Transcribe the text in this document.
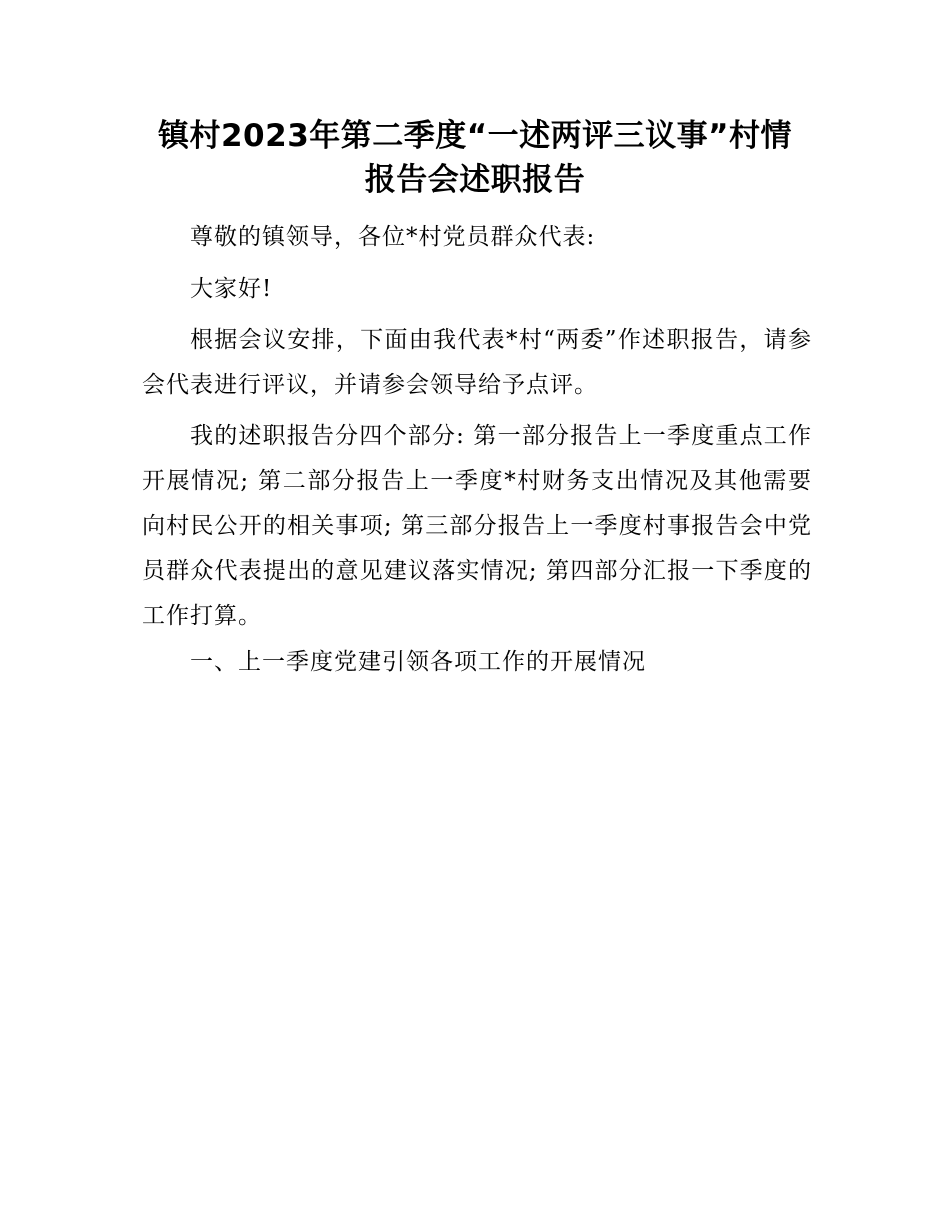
镇村2023年第二季度“一述两评三议事”村情
报告会述职报告
尊敬的镇领导，各位*村党员群众代表:
大家好!
根据会议安排，下面由我代表*村“两委”作述职报告，请参会代表进行评议，并请参会领导给予点评。
我的述职报告分四个部分: 第一部分报告上一季度重点工作开展情况; 第二部分报告上一季度*村财务支出情况及其他需要向村民公开的相关事项; 第三部分报告上一季度村事报告会中党员群众代表提出的意见建议落实情况; 第四部分汇报一下季度的工作打算。
一、上一季度党建引领各项工作的开展情况
